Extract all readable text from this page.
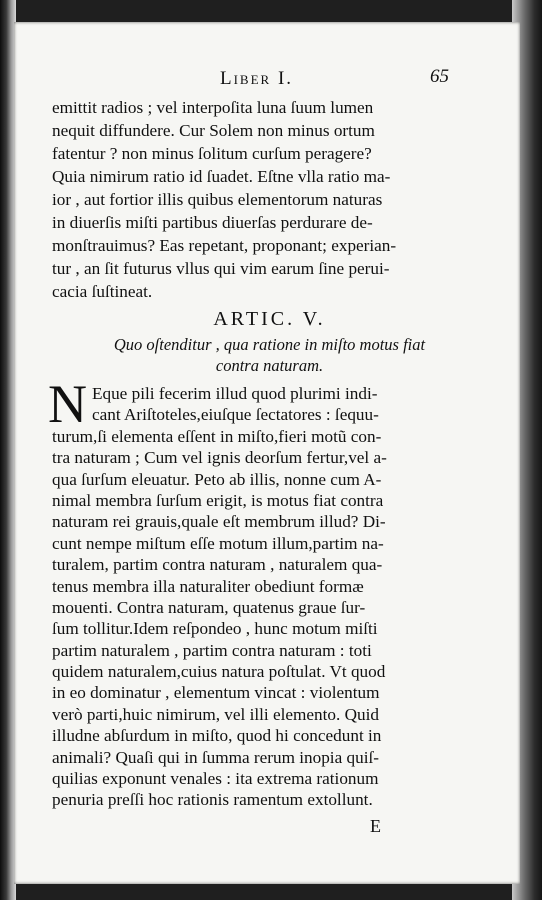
Liber I.	65
emittit radios ; vel interpoſita luna ſuum lumen
nequit diffundere. Cur Solem non minus ortum
fatentur ? non minus ſolitum curſum peragere?
Quia nimirum ratio id ſuadet. Eſtne vlla ratio ma-
ior , aut fortior illis quibus elementorum naturas
in diuerſis miſti partibus diuerſas perdurare de-
monſtrauimus? Eas repetant, proponant; experian-
tur , an ſit futurus vllus qui vim earum ſine perui-
cacia ſuſtineat.
ARTIC. V.
Quo oſtenditur , qua ratione in miſto motus fiat
contra naturam.
N Eque pili fecerim illud quod plurimi indi-
cant Ariſtoteles,eiuſque ſectatores : ſequu-
turum,ſi elementa eſſent in miſto,fieri motũ con-
tra naturam ; Cum vel ignis deorſum fertur,vel a-
qua ſurſum eleuatur. Peto ab illis, nonne cum A-
nimal membra ſurſum erigit, is motus fiat contra
naturam rei grauis,quale eſt membrum illud? Di-
cunt nempe miſtum eſſe motum illum,partim na-
turalem, partim contra naturam , naturalem qua-
tenus membra illa naturaliter obediunt formæ
mouenti. Contra naturam, quatenus graue ſur-
ſum tollitur.Idem reſpondeo , hunc motum miſti
partim naturalem , partim contra naturam : toti
quidem naturalem,cuius natura poſtulat. Vt quod
in eo dominatur , elementum vincat : violentum
verò parti,huic nimirum, vel illi elemento. Quid
illudne abſurdum in miſto, quod hi concedunt in
animali? Quaſi qui in ſumma rerum inopia quiſ-
quilias exponunt venales : ita extrema rationum
penuria preſſi hoc rationis ramentum extollunt.
E
